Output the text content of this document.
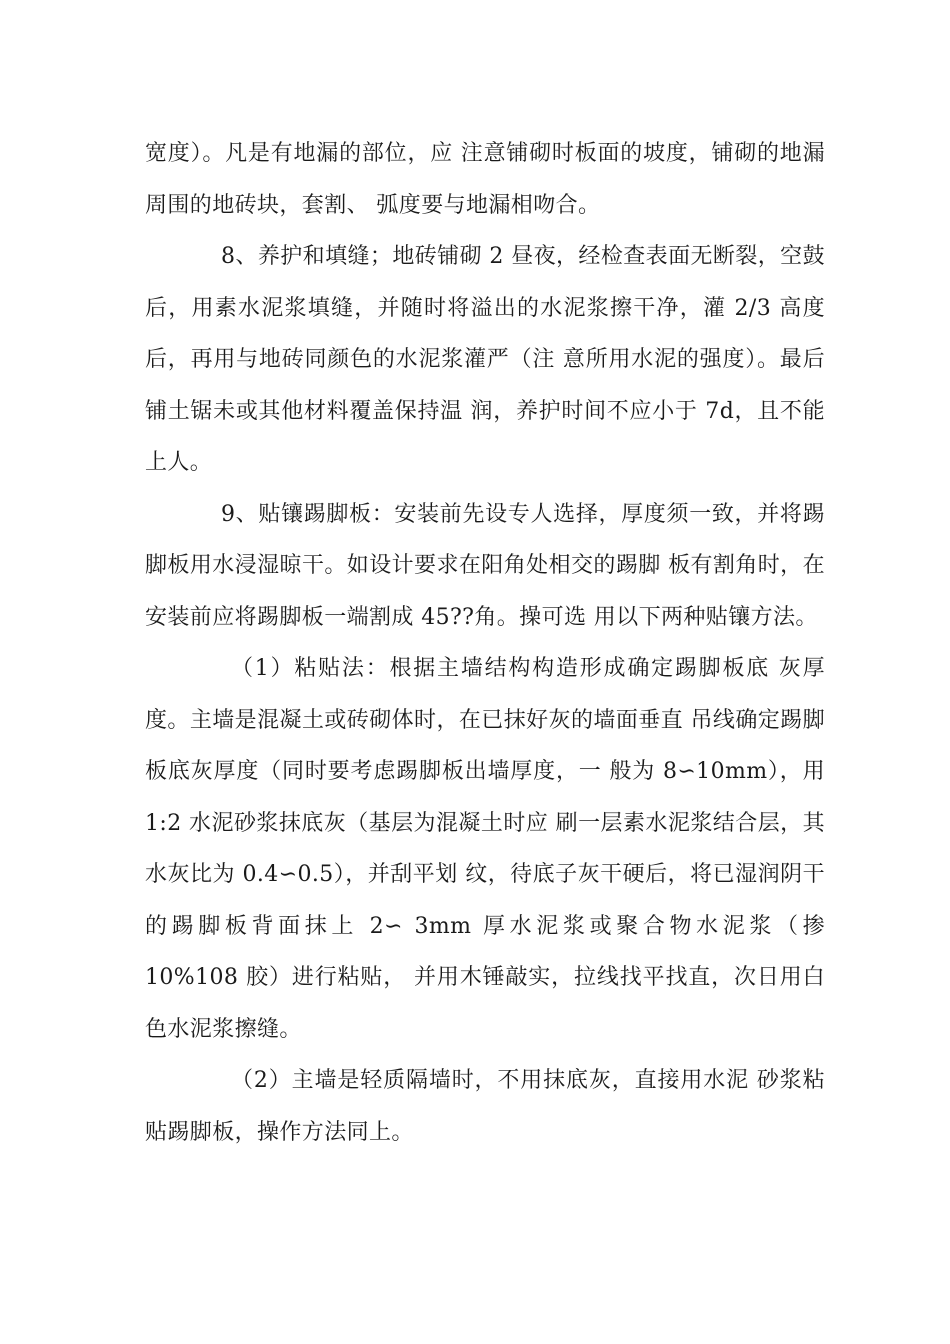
宽度）。凡是有地漏的部位，应 注意铺砌时板面的坡度，铺砌的地漏周围的地砖块，套割、 弧度要与地漏相吻合。

8、养护和填缝；地砖铺砌 2 昼夜，经检查表面无断裂，空鼓后，用素水泥浆填缝，并随时将溢出的水泥浆擦干净，灌 2/3 高度后，再用与地砖同颜色的水泥浆灌严（注 意所用水泥的强度）。最后铺土锯未或其他材料覆盖保持温 润，养护时间不应小于 7d，且不能上人。

9、贴镶踢脚板：安装前先设专人选择，厚度须一致，并将踢脚板用水浸湿晾干。如设计要求在阳角处相交的踢脚 板有割角时，在安装前应将踢脚板一端割成 45??角。操可选 用以下两种贴镶方法。

（1）粘贴法：根据主墙结构构造形成确定踢脚板底 灰厚度。主墙是混凝土或砖砌体时，在已抹好灰的墙面垂直 吊线确定踢脚板底灰厚度（同时要考虑踢脚板出墙厚度，一 般为 8∽10mm），用 1:2 水泥砂浆抹底灰（基层为混凝土时应 刷一层素水泥浆结合层，其水灰比为 0.4∽0.5），并刮平划 纹，待底子灰干硬后，将已湿润阴干的踢脚板背面抹上 2∽ 3mm 厚水泥浆或聚合物水泥浆（掺 10%108 胶）进行粘贴， 并用木锤敲实，拉线找平找直，次日用白色水泥浆擦缝。

（2）主墙是轻质隔墙时，不用抹底灰，直接用水泥 砂浆粘贴踢脚板，操作方法同上。
